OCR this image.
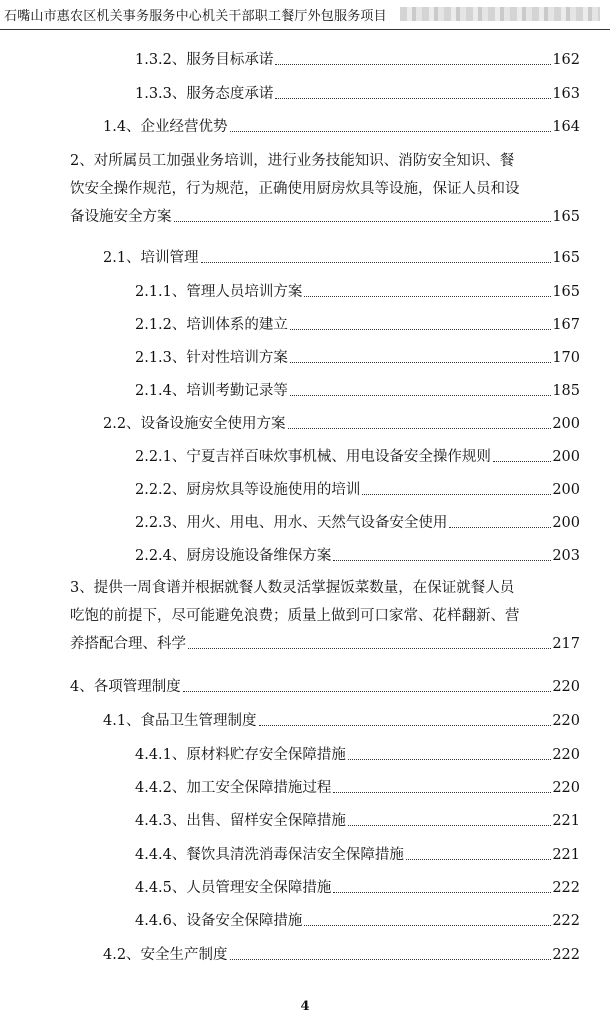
石嘴山市惠农区机关事务服务中心机关干部职工餐厅外包服务项目
1.3.2、服务目标承诺	162
1.3.3、服务态度承诺	163
1.4、企业经营优势	164
2、对所属员工加强业务培训，进行业务技能知识、消防安全知识、餐
饮安全操作规范，行为规范，正确使用厨房炊具等设施，保证人员和设
备设施安全方案	165
2.1、培训管理	165
2.1.1、管理人员培训方案	165
2.1.2、培训体系的建立	167
2.1.3、针对性培训方案	170
2.1.4、培训考勤记录等	185
2.2、设备设施安全使用方案	200
2.2.1、宁夏吉祥百味炊事机械、用电设备安全操作规则	200
2.2.2、厨房炊具等设施使用的培训	200
2.2.3、用火、用电、用水、天然气设备安全使用	200
2.2.4、厨房设施设备维保方案	203
3、提供一周食谱并根据就餐人数灵活掌握饭菜数量，在保证就餐人员
吃饱的前提下，尽可能避免浪费；质量上做到可口家常、花样翻新、营
养搭配合理、科学	217
4、各项管理制度	220
4.1、食品卫生管理制度	220
4.4.1、原材料贮存安全保障措施	220
4.4.2、加工安全保障措施过程	220
4.4.3、出售、留样安全保障措施	221
4.4.4、餐饮具清洗消毒保洁安全保障措施	221
4.4.5、人员管理安全保障措施	222
4.4.6、设备安全保障措施	222
4.2、安全生产制度	222
4
